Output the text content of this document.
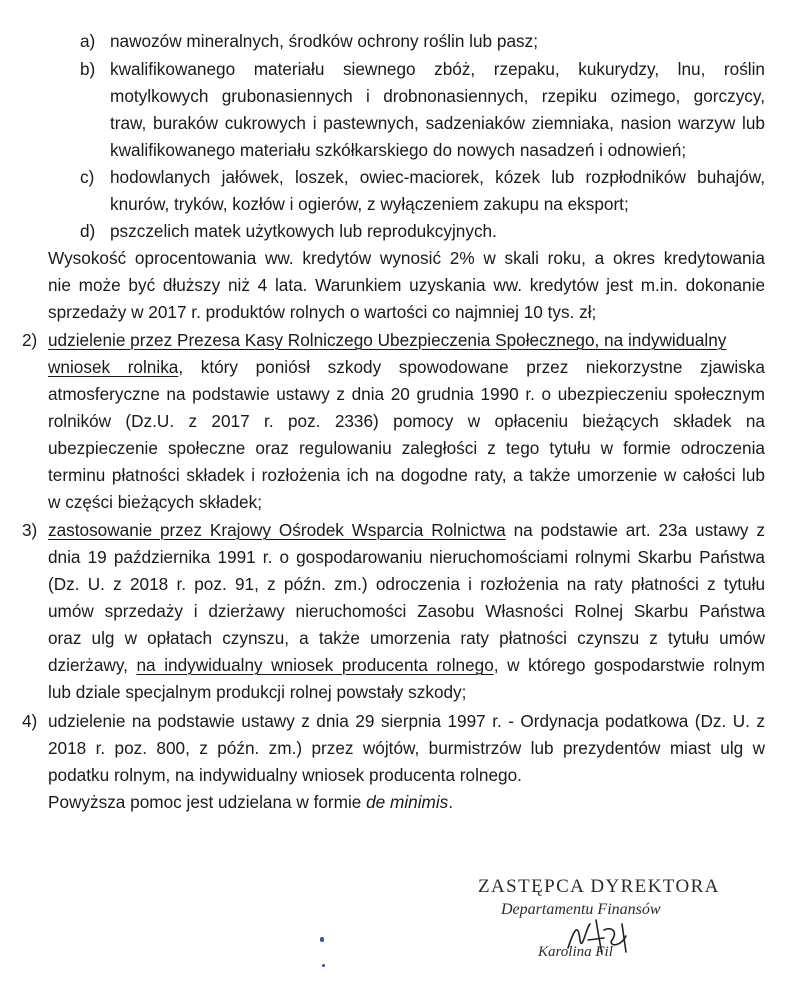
a) nawozów mineralnych, środków ochrony roślin lub pasz;
b) kwalifikowanego materiału siewnego zbóż, rzepaku, kukurydzy, lnu, roślin
motylkowych grubonasiennych i drobnonasiennych, rzepiku ozimego, gorczycy,
traw, buraków cukrowych i pastewnych, sadzeniaków ziemniaka, nasion warzyw lub
kwalifikowanego materiału szkółkarskiego do nowych nasadzeń i odnowień;
c) hodowlanych jałówek, loszek, owiec-maciorek, kózek lub rozpłodników buhajów,
knurów, tryków, kozłów i ogierów, z wyłączeniem zakupu na eksport;
d) pszczelich matek użytkowych lub reprodukcyjnych.
Wysokość oprocentowania ww. kredytów wynosić 2% w skali roku, a okres kredytowania
nie może być dłuższy niż 4 lata. Warunkiem uzyskania ww. kredytów jest m.in. dokonanie
sprzedaży w 2017 r. produktów rolnych o wartości co najmniej 10 tys. zł;
2) udzielenie przez Prezesa Kasy Rolniczego Ubezpieczenia Społecznego, na indywidualny
wniosek rolnika, który poniósł szkody spowodowane przez niekorzystne zjawiska
atmosferyczne na podstawie ustawy z dnia 20 grudnia 1990 r. o ubezpieczeniu społecznym
rolników (Dz.U. z 2017 r. poz. 2336) pomocy w opłaceniu bieżących składek na
ubezpieczenie społeczne oraz regulowaniu zaległości z tego tytułu w formie odroczenia
terminu płatności składek i rozłożenia ich na dogodne raty, a także umorzenie w całości lub
w części bieżących składek;
3) zastosowanie przez Krajowy Ośrodek Wsparcia Rolnictwa na podstawie art. 23a ustawy z
dnia 19 października 1991 r. o gospodarowaniu nieruchomościami rolnymi Skarbu Państwa
(Dz. U. z 2018 r. poz. 91, z późn. zm.) odroczenia i rozłożenia na raty płatności z tytułu
umów sprzedaży i dzierżawy nieruchomości Zasobu Własności Rolnej Skarbu Państwa
oraz ulg w opłatach czynszu, a także umorzenia raty płatności czynszu z tytułu umów
dzierżawy, na indywidualny wniosek producenta rolnego, w którego gospodarstwie rolnym
lub dziale specjalnym produkcji rolnej powstały szkody;
4) udzielenie na podstawie ustawy z dnia 29 sierpnia 1997 r. - Ordynacja podatkowa (Dz. U. z
2018 r. poz. 800, z późn. zm.) przez wójtów, burmistrzów lub prezydentów miast ulg w
podatku rolnym, na indywidualny wniosek producenta rolnego.
Powyższa pomoc jest udzielana w formie de minimis.
ZASTĘPCA DYREKTORA
Departamentu Finansów
Karolina Fil
